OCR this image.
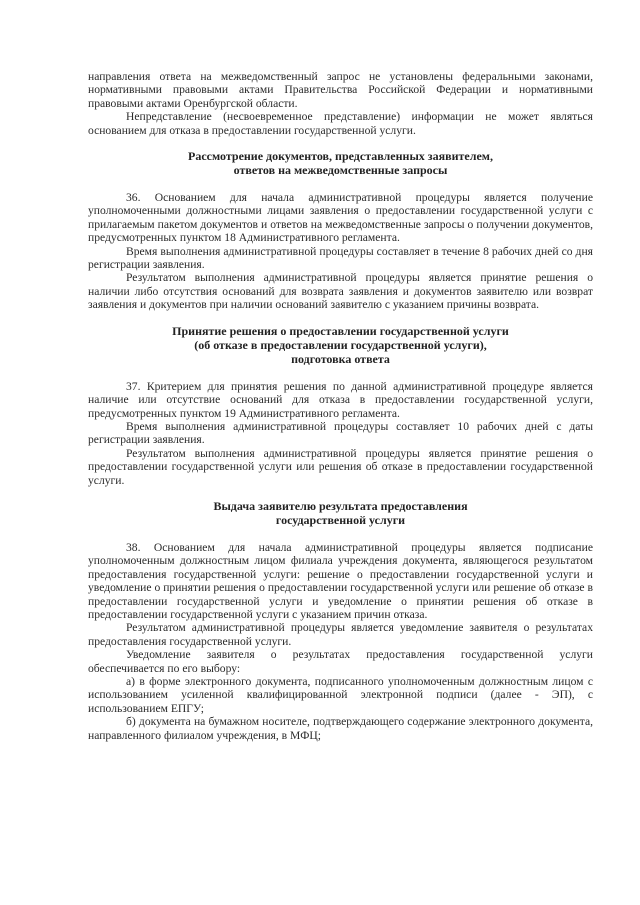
направления ответа на межведомственный запрос не установлены федеральными законами, нормативными правовыми актами Правительства Российской Федерации и нормативными правовыми актами Оренбургской области.

Непредставление (несвоевременное представление) информации не может являться основанием для отказа в предоставлении государственной услуги.

Рассмотрение документов, представленных заявителем,

ответов на межведомственные запросы

36. Основанием для начала административной процедуры является получение уполномоченными должностными лицами заявления о предоставлении государственной услуги с прилагаемым пакетом документов и ответов на межведомственные запросы о получении документов, предусмотренных пунктом 18 Административного регламента.

Время выполнения административной процедуры составляет в течение 8 рабочих дней со дня регистрации заявления.

Результатом выполнения административной процедуры является принятие решения о наличии либо отсутствия оснований для возврата заявления и документов заявителю или возврат заявления и документов при наличии оснований заявителю с указанием причины возврата.

Принятие решения о предоставлении государственной услуги

(об отказе в предоставлении государственной услуги),

подготовка ответа

37. Критерием для принятия решения по данной административной процедуре является наличие или отсутствие оснований для отказа в предоставлении государственной услуги, предусмотренных пунктом 19 Административного регламента.

Время выполнения административной процедуры составляет 10 рабочих дней с даты регистрации заявления.

Результатом выполнения административной процедуры является принятие решения о предоставлении государственной услуги или решения об отказе в предоставлении государственной услуги.

Выдача заявителю результата предоставления

государственной услуги

38. Основанием для начала административной процедуры является подписание уполномоченным должностным лицом филиала учреждения документа, являющегося результатом предоставления государственной услуги: решение о предоставлении государственной услуги и уведомление о принятии решения о предоставлении государственной услуги или решение об отказе в предоставлении государственной услуги и уведомление о принятии решения об отказе в предоставлении государственной услуги с указанием причин отказа.

Результатом административной процедуры является уведомление заявителя о результатах предоставления государственной услуги.

Уведомление заявителя о результатах предоставления государственной услуги обеспечивается по его выбору:

а) в форме электронного документа, подписанного уполномоченным должностным лицом с использованием усиленной квалифицированной электронной подписи (далее - ЭП), с использованием ЕПГУ;

б) документа на бумажном носителе, подтверждающего содержание электронного документа, направленного филиалом учреждения, в МФЦ;
